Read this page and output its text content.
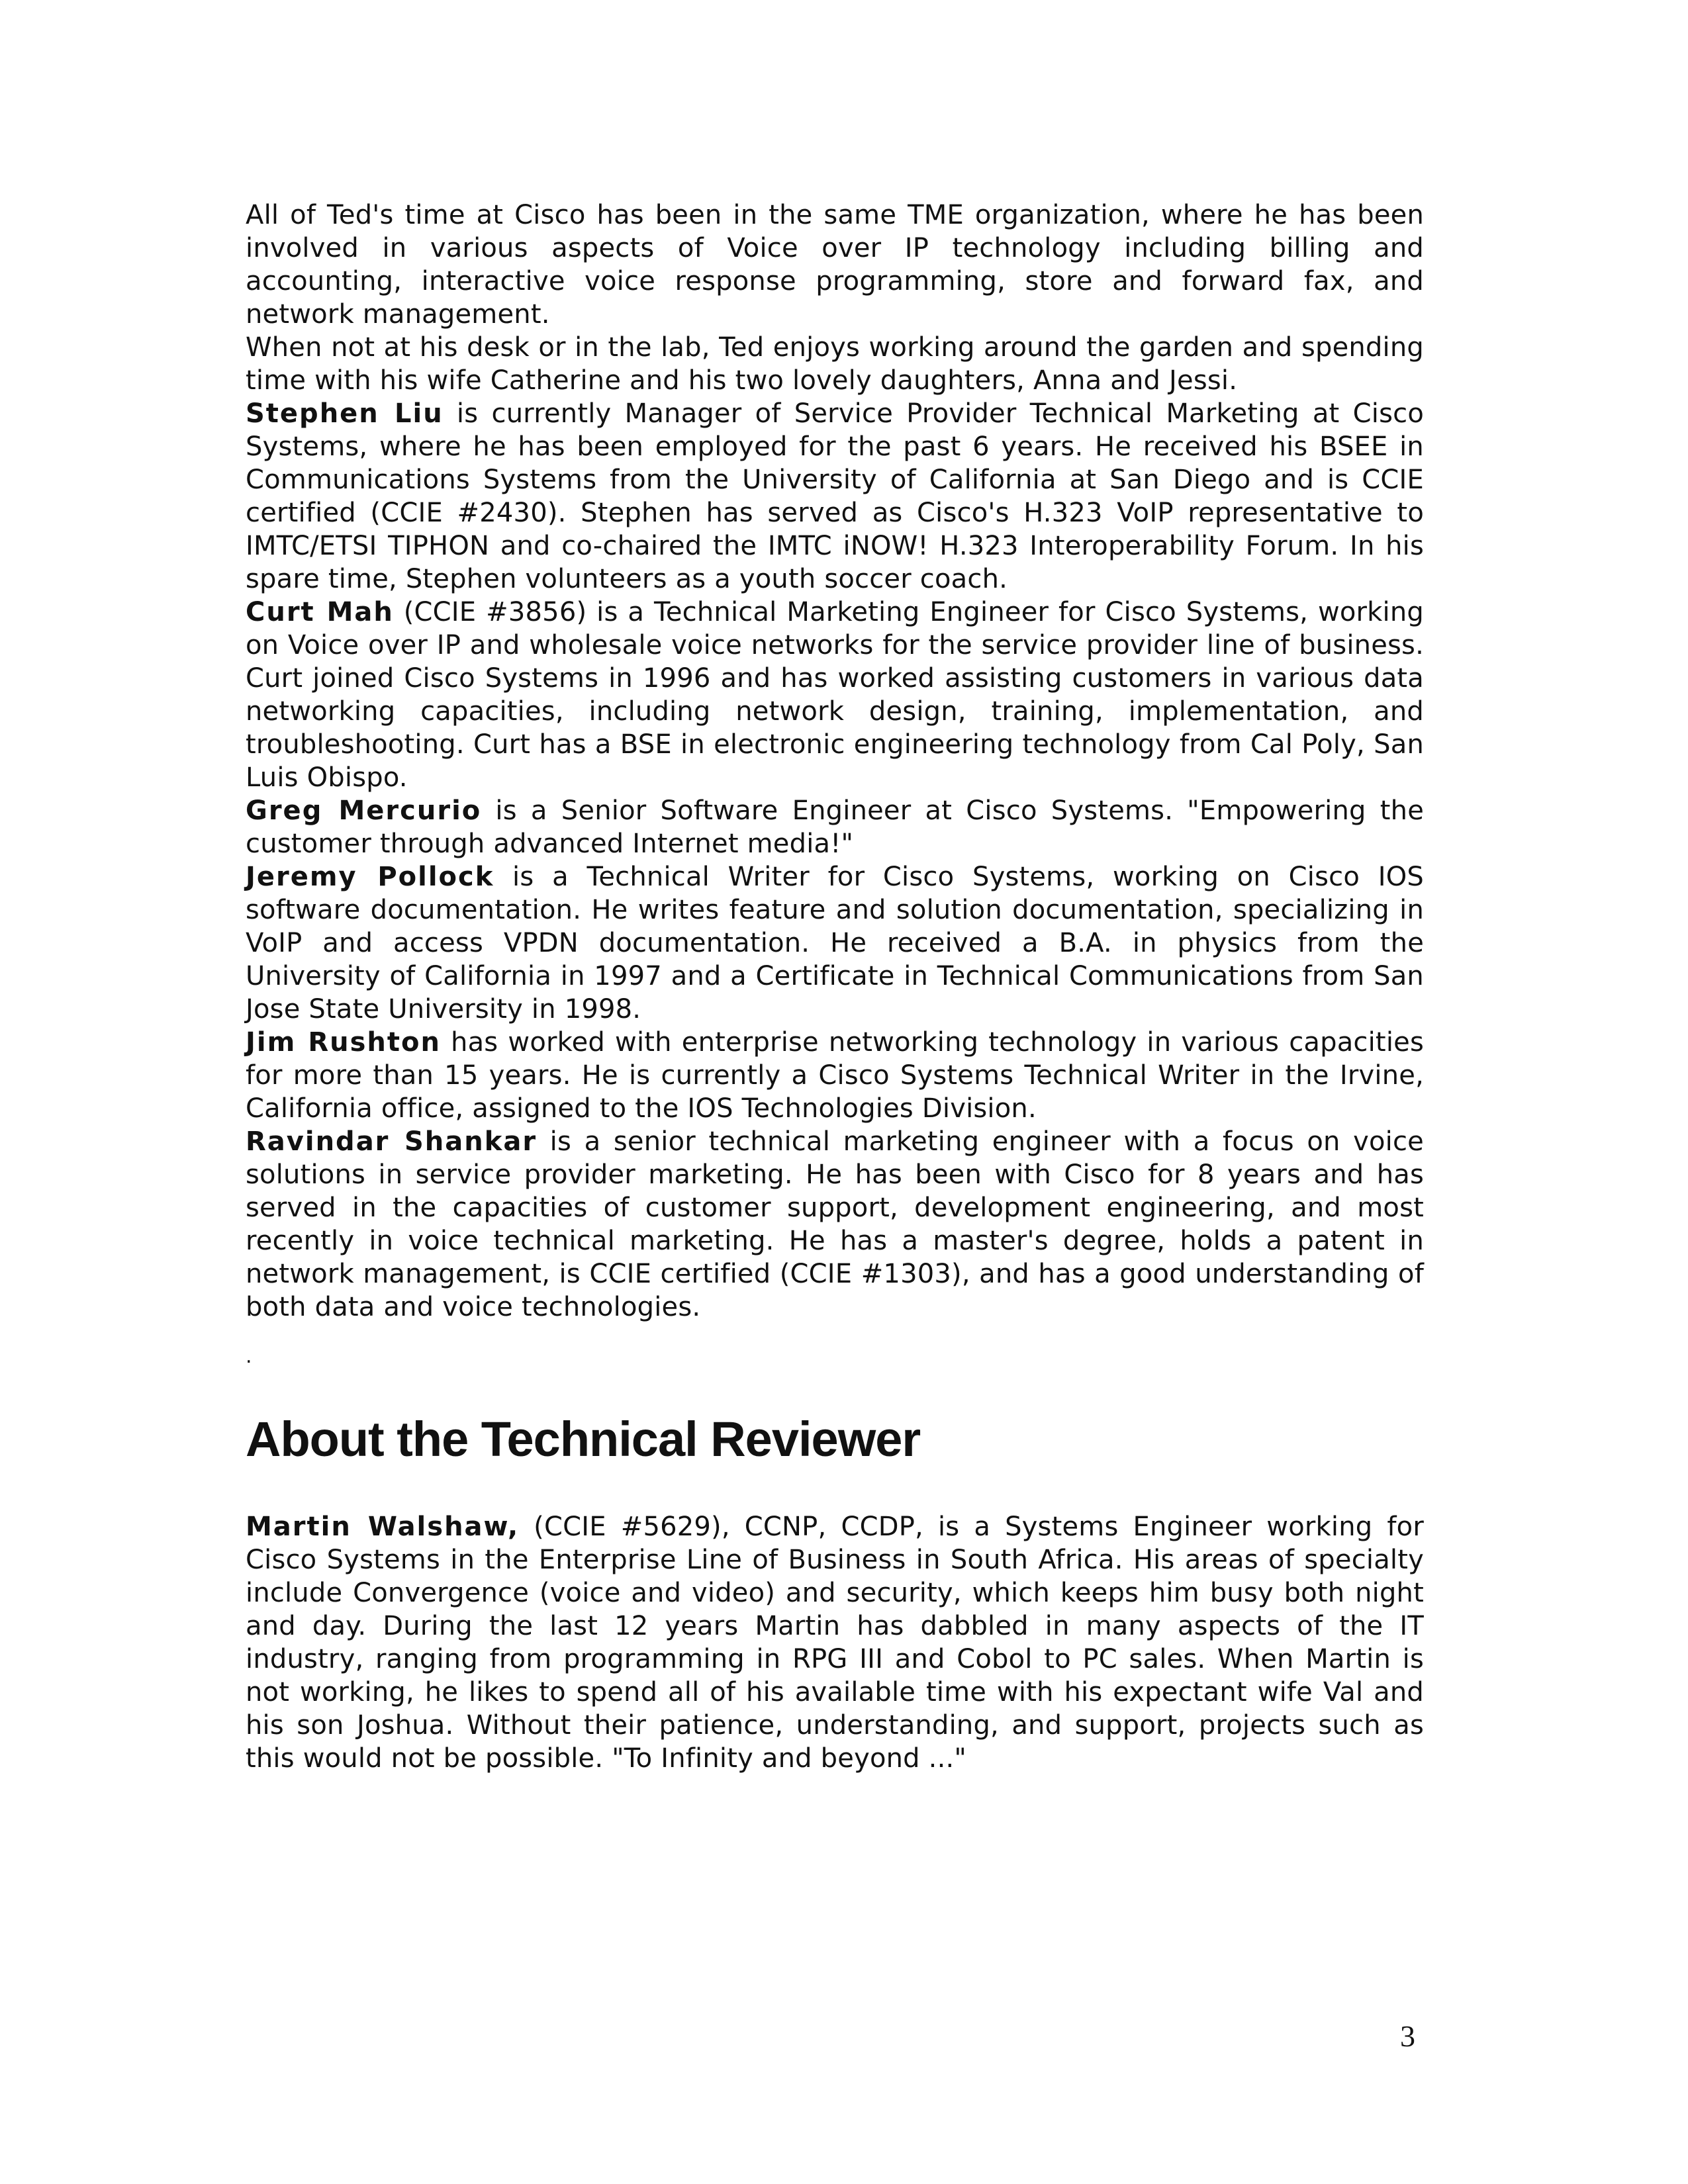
All of Ted's time at Cisco has been in the same TME organization, where he has been involved in various aspects of Voice over IP technology including billing and accounting, interactive voice response programming, store and forward fax, and network management.

When not at his desk or in the lab, Ted enjoys working around the garden and spending time with his wife Catherine and his two lovely daughters, Anna and Jessi.

Stephen Liu is currently Manager of Service Provider Technical Marketing at Cisco Systems, where he has been employed for the past 6 years. He received his BSEE in Communications Systems from the University of California at San Diego and is CCIE certified (CCIE #2430). Stephen has served as Cisco's H.323 VoIP representative to IMTC/ETSI TIPHON and co-chaired the IMTC iNOW! H.323 Interoperability Forum. In his spare time, Stephen volunteers as a youth soccer coach.

Curt Mah (CCIE #3856) is a Technical Marketing Engineer for Cisco Systems, working on Voice over IP and wholesale voice networks for the service provider line of business. Curt joined Cisco Systems in 1996 and has worked assisting customers in various data networking capacities, including network design, training, implementation, and troubleshooting. Curt has a BSE in electronic engineering technology from Cal Poly, San Luis Obispo.

Greg Mercurio is a Senior Software Engineer at Cisco Systems. "Empowering the customer through advanced Internet media!"

Jeremy Pollock is a Technical Writer for Cisco Systems, working on Cisco IOS software documentation. He writes feature and solution documentation, specializing in VoIP and access VPDN documentation. He received a B.A. in physics from the University of California in 1997 and a Certificate in Technical Communications from San Jose State University in 1998.

Jim Rushton has worked with enterprise networking technology in various capacities for more than 15 years. He is currently a Cisco Systems Technical Writer in the Irvine, California office, assigned to the IOS Technologies Division.

Ravindar Shankar is a senior technical marketing engineer with a focus on voice solutions in service provider marketing. He has been with Cisco for 8 years and has served in the capacities of customer support, development engineering, and most recently in voice technical marketing. He has a master's degree, holds a patent in network management, is CCIE certified (CCIE #1303), and has a good understanding of both data and voice technologies.

.

About the Technical Reviewer

Martin Walshaw, (CCIE #5629), CCNP, CCDP, is a Systems Engineer working for Cisco Systems in the Enterprise Line of Business in South Africa. His areas of specialty include Convergence (voice and video) and security, which keeps him busy both night and day. During the last 12 years Martin has dabbled in many aspects of the IT industry, ranging from programming in RPG III and Cobol to PC sales. When Martin is not working, he likes to spend all of his available time with his expectant wife Val and his son Joshua. Without their patience, understanding, and support, projects such as this would not be possible. "To Infinity and beyond ..."

3
